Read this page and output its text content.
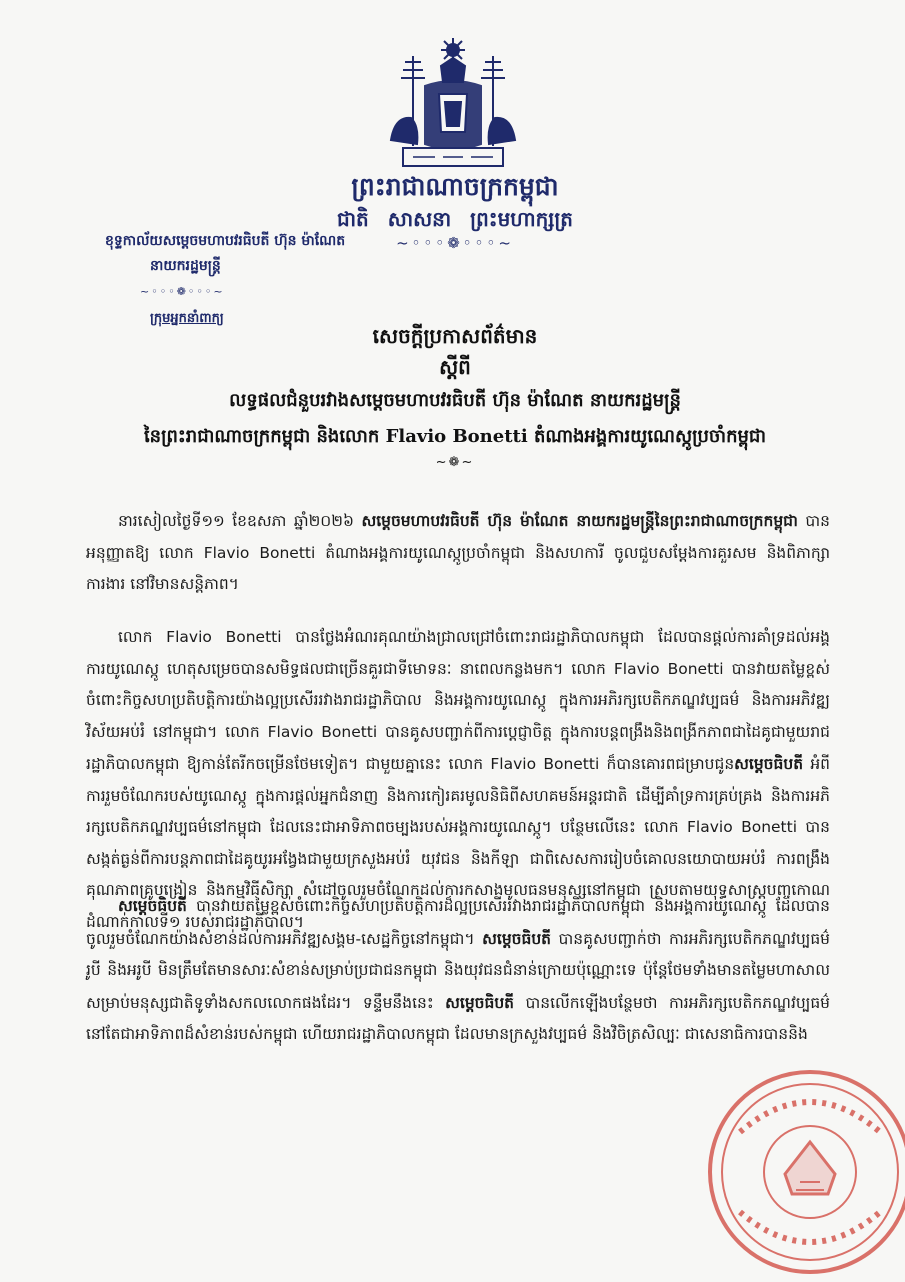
ព្រះរាជាណាចក្រកម្ពុជា
ជាតិ សាសនា ព្រះមហាក្សត្រ
~◦◦◦❁◦◦◦~
ខុទ្ទកាល័យសម្ដេចមហាបវរធិបតី ហ៊ុន ម៉ាណែត
នាយករដ្ឋមន្ត្រី
~◦◦◦❁◦◦◦~
ក្រុមអ្នកនាំពាក្យ
សេចក្តីប្រកាសព័ត៌មាន
ស្តីពី
លទ្ធផលជំនួបរវាងសម្តេចមហាបវរធិបតី ហ៊ុន ម៉ាណែត នាយករដ្ឋមន្ត្រី
នៃព្រះរាជាណាចក្រកម្ពុជា និងលោក Flavio Bonetti តំណាងអង្គការយូណេស្កូប្រចាំកម្ពុជា
~❁~
នារសៀលថ្ងៃទី១១ ខែឧសភា ឆ្នាំ២០២៦ សម្តេចមហាបវរធិបតី ហ៊ុន ម៉ាណែត នាយករដ្ឋមន្ត្រីនៃព្រះរាជាណាចក្រកម្ពុជា បានអនុញ្ញាតឱ្យ លោក Flavio Bonetti តំណាងអង្គការយូណេស្កូប្រចាំកម្ពុជា និងសហការី ចូលជួបសម្តែងការគួរសម និងពិភាក្សាការងារ នៅវិមានសន្តិភាព។
លោក Flavio Bonetti បានថ្លែងអំណរគុណយ៉ាងជ្រាលជ្រៅចំពោះរាជរដ្ឋាភិបាលកម្ពុជា ដែលបានផ្តល់ការគាំទ្រដល់អង្គការយូណេស្កូ ហេតុសម្រេចបានសមិទ្ធផលជាច្រើនគួរជាទីមោទនៈ នាពេលកន្លងមក។ លោក Flavio Bonetti បានវាយតម្លៃខ្ពស់ចំពោះកិច្ចសហប្រតិបត្តិការយ៉ាងល្អប្រសើររវាងរាជរដ្ឋាភិបាល និងអង្គការយូណេស្កូ ក្នុងការអភិរក្សបេតិកភណ្ឌវប្បធម៌ និងការអភិវឌ្ឍវិស័យអប់រំ នៅកម្ពុជា។ លោក Flavio Bonetti បានគូសបញ្ជាក់ពីការប្តេជ្ញាចិត្ត ក្នុងការបន្តពង្រឹងនិងពង្រីកភាពជាដៃគូជាមួយរាជរដ្ឋាភិបាលកម្ពុជា ឱ្យកាន់តែរីកចម្រើនថែមទៀត។ ជាមួយគ្នានេះ លោក Flavio Bonetti ក៏បានគោរពជម្រាបជូនសម្តេចធិបតី អំពីការរួមចំណែករបស់យូណេស្កូ ក្នុងការផ្តល់អ្នកជំនាញ និងការកៀរគរមូលនិធិពីសហគមន៍អន្តរជាតិ ដើម្បីគាំទ្រការគ្រប់គ្រង និងការអភិរក្សបេតិកភណ្ឌវប្បធម៌នៅកម្ពុជា ដែលនេះជាអាទិភាពចម្បងរបស់អង្គការយូណេស្កូ។ បន្ថែមលើនេះ លោក Flavio Bonetti បានសង្កត់ធ្ងន់ពីការបន្តភាពជាដៃគូយូរអង្វែងជាមួយក្រសួងអប់រំ យុវជន និងកីឡា ជាពិសេសការរៀបចំគោលនយោបាយអប់រំ ការពង្រឹងគុណភាពគ្រូបង្រៀន និងកម្មវិធីសិក្សា សំដៅចូលរួមចំណែកដល់ការកសាងមូលធនមនុស្សនៅកម្ពុជា ស្របតាមយុទ្ធសាស្ត្របញ្ចកោណ ដំណាក់កាលទី១ របស់រាជរដ្ឋាភិបាល។
សម្តេចធិបតី បានវាយតម្លៃខ្ពស់ចំពោះកិច្ចសហប្រតិបត្តិការដ៏ល្អប្រសើររវាងរាជរដ្ឋាភិបាលកម្ពុជា និងអង្គការយូណេស្កូ ដែលបានចូលរួមចំណែកយ៉ាងសំខាន់ដល់ការអភិវឌ្ឍសង្គម-សេដ្ឋកិច្ចនៅកម្ពុជា។ សម្តេចធិបតី បានគូសបញ្ជាក់ថា ការអភិរក្សបេតិកភណ្ឌវប្បធម៌រូបី និងអរូបី មិនត្រឹមតែមានសារៈសំខាន់សម្រាប់ប្រជាជនកម្ពុជា និងយុវជនជំនាន់ក្រោយប៉ុណ្ណោះទេ ប៉ុន្តែថែមទាំងមានតម្លៃមហាសាលសម្រាប់មនុស្សជាតិទូទាំងសកលលោកផងដែរ។ ទន្ទឹមនឹងនេះ សម្តេចធិបតី បានលើកឡើងបន្ថែមថា ការអភិរក្សបេតិកភណ្ឌវប្បធម៌នៅតែជាអាទិភាពដ៏សំខាន់របស់កម្ពុជា ហើយរាជរដ្ឋាភិបាលកម្ពុជា ដែលមានក្រសួងវប្បធម៌ និងវិចិត្រសិល្បៈ ជាសេនាធិការបាននិង
